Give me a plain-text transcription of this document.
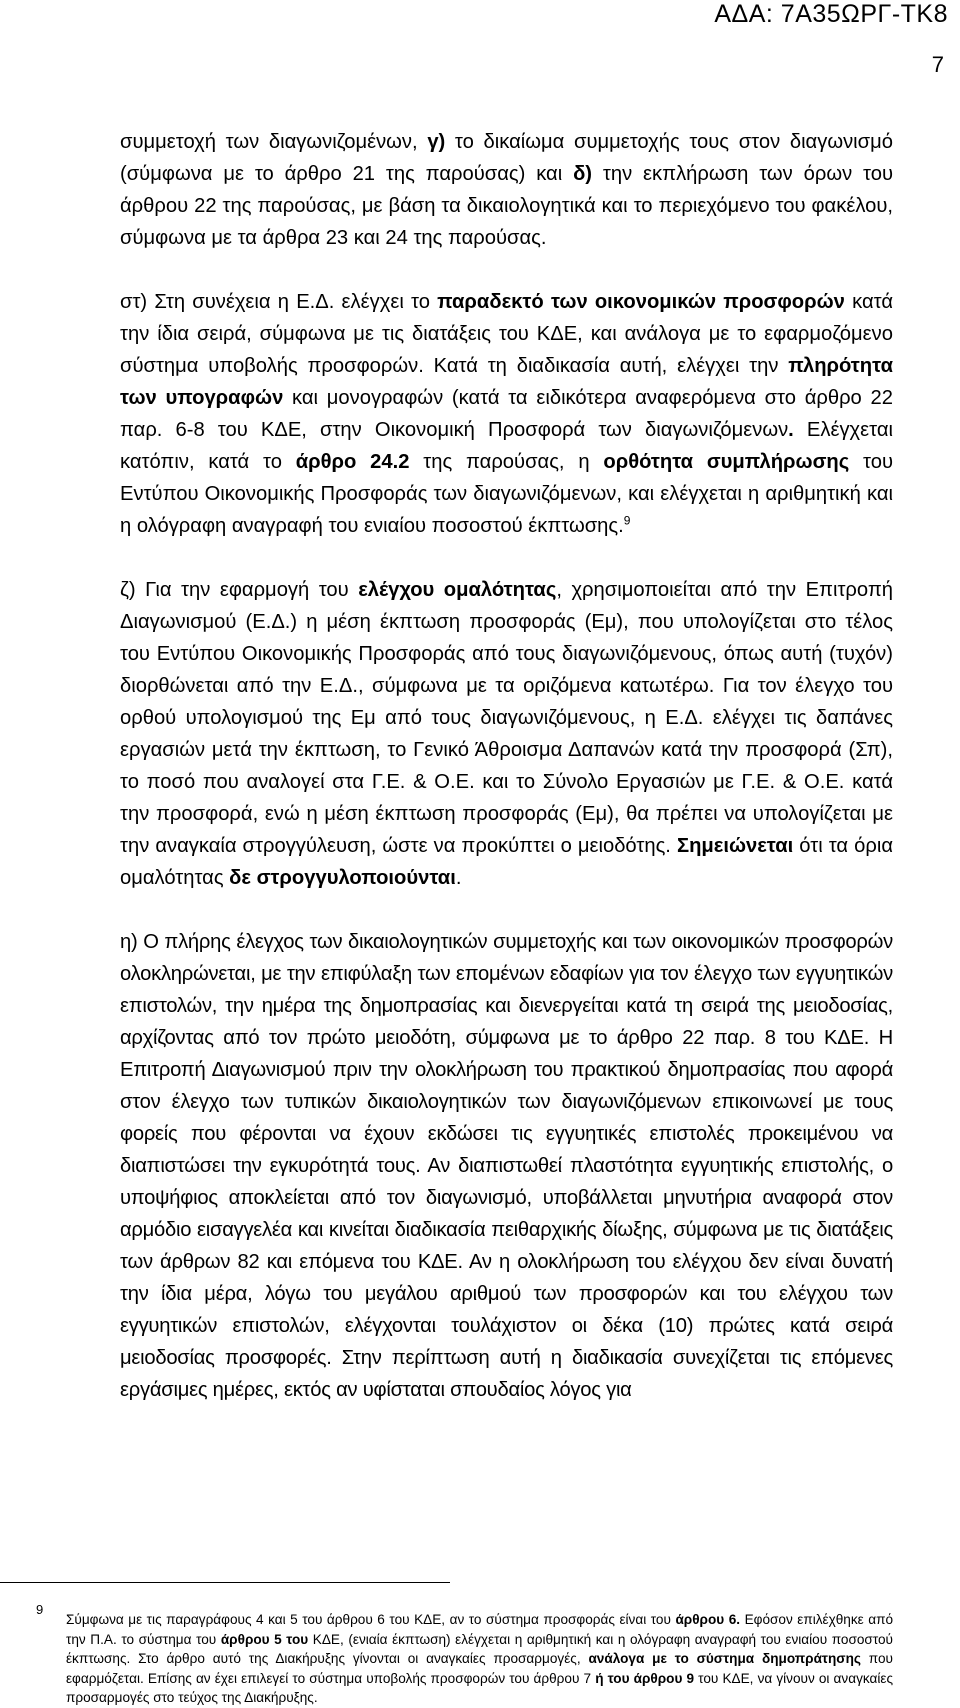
ΑΔΑ: 7Α35ΩΡΓ-ΤΚ8
7

συμμετοχή των διαγωνιζομένων, γ) το δικαίωμα συμμετοχής τους στον διαγωνισμό (σύμφωνα με το άρθρο 21 της παρούσας) και δ) την εκπλήρωση των όρων του άρθρου 22 της παρούσας, με βάση τα δικαιολογητικά και το περιεχόμενο του φακέλου, σύμφωνα με τα άρθρα 23 και 24 της παρούσας.

στ) Στη συνέχεια η Ε.Δ. ελέγχει το παραδεκτό των οικονομικών προσφορών κατά την ίδια σειρά, σύμφωνα με τις διατάξεις του ΚΔΕ, και ανάλογα με το εφαρμοζόμενο σύστημα υποβολής προσφορών. Κατά τη διαδικασία αυτή, ελέγχει την πληρότητα των υπογραφών και μονογραφών (κατά τα ειδικότερα αναφερόμενα στο άρθρο 22 παρ. 6-8 του ΚΔΕ, στην Οικονομική Προσφορά των διαγωνιζόμενων. Ελέγχεται κατόπιν, κατά το άρθρο 24.2 της παρούσας, η ορθότητα συμπλήρωσης του Εντύπου Οικονομικής Προσφοράς των διαγωνιζόμενων, και ελέγχεται η αριθμητική και η ολόγραφη αναγραφή του ενιαίου ποσοστού έκπτωσης.$^9$

ζ) Για την εφαρμογή του ελέγχου ομαλότητας, χρησιμοποιείται από την Επιτροπή Διαγωνισμού (Ε.Δ.) η μέση έκπτωση προσφοράς (Εμ), που υπολογίζεται στο τέλος του Εντύπου Οικονομικής Προσφοράς από τους διαγωνιζόμενους, όπως αυτή (τυχόν) διορθώνεται από την Ε.Δ., σύμφωνα με τα οριζόμενα κατωτέρω. Για τον έλεγχο του ορθού υπολογισμού της Εμ από τους διαγωνιζόμενους, η Ε.Δ. ελέγχει τις δαπάνες εργασιών μετά την έκπτωση, το Γενικό Άθροισμα Δαπανών κατά την προσφορά (Σπ), το ποσό που αναλογεί στα Γ.Ε. & Ο.Ε. και το Σύνολο Εργασιών με Γ.Ε. & Ο.Ε. κατά την προσφορά, ενώ η μέση έκπτωση προσφοράς (Εμ), θα πρέπει να υπολογίζεται με την αναγκαία στρογγύλευση, ώστε να προκύπτει ο μειοδότης. Σημειώνεται ότι τα όρια ομαλότητας δε στρογγυλοποιούνται.

η) Ο πλήρης έλεγχος των δικαιολογητικών συμμετοχής και των οικονομικών προσφορών ολοκληρώνεται, με την επιφύλαξη των επομένων εδαφίων για τον έλεγχο των εγγυητικών επιστολών, την ημέρα της δημοπρασίας και διενεργείται κατά τη σειρά της μειοδοσίας, αρχίζοντας από τον πρώτο μειοδότη, σύμφωνα με το άρθρο 22 παρ. 8 του ΚΔΕ. Η Επιτροπή Διαγωνισμού πριν την ολοκλήρωση του πρακτικού δημοπρασίας που αφορά στον έλεγχο των τυπικών δικαιολογητικών των διαγωνιζόμενων επικοινωνεί με τους φορείς που φέρονται να έχουν εκδώσει τις εγγυητικές επιστολές προκειμένου να διαπιστώσει την εγκυρότητά τους. Αν διαπιστωθεί πλαστότητα εγγυητικής επιστολής, ο υποψήφιος αποκλείεται από τον διαγωνισμό, υποβάλλεται μηνυτήρια αναφορά στον αρμόδιο εισαγγελέα και κινείται διαδικασία πειθαρχικής δίωξης, σύμφωνα με τις διατάξεις των άρθρων 82 και επόμενα του ΚΔΕ. Αν η ολοκλήρωση του ελέγχου δεν είναι δυνατή την ίδια μέρα, λόγω του μεγάλου αριθμού των προσφορών και του ελέγχου των εγγυητικών επιστολών, ελέγχονται τουλάχιστον οι δέκα (10) πρώτες κατά σειρά μειοδοσίας προσφορές. Στην περίπτωση αυτή η διαδικασία συνεχίζεται τις επόμενες εργάσιμες ημέρες, εκτός αν υφίσταται σπουδαίος λόγος για

9
Σύμφωνα με τις παραγράφους 4 και 5 του άρθρου 6 του ΚΔΕ, αν το σύστημα προσφοράς είναι του άρθρου 6. Εφόσον επιλέχθηκε από την Π.Α. το σύστημα του άρθρου 5 του ΚΔΕ, (ενιαία έκπτωση) ελέγχεται η αριθμητική και η ολόγραφη αναγραφή του ενιαίου ποσοστού έκπτωσης. Στο άρθρο αυτό της Διακήρυξης γίνονται οι αναγκαίες προσαρμογές, ανάλογα με το σύστημα δημοπράτησης που εφαρμόζεται. Επίσης αν έχει επιλεγεί το σύστημα υποβολής προσφορών του άρθρου 7 ή του άρθρου 9 του ΚΔΕ, να γίνουν οι αναγκαίες προσαρμογές στο τεύχος της Διακήρυξης.
